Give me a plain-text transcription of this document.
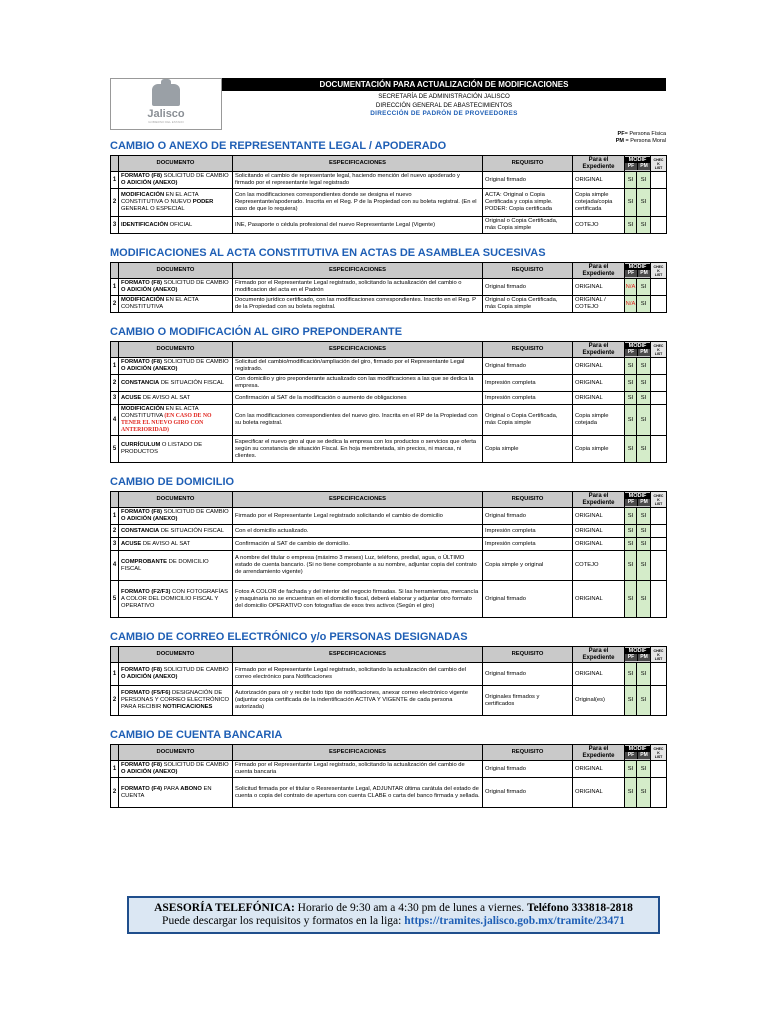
Jalisco
GOBIERNO DEL ESTADO
DOCUMENTACIÓN PARA ACTUALIZACIÓN DE MODIFICACIONES
SECRETARÍA DE ADMINISTRACIÓN JALISCO
DIRECCIÓN GENERAL DE ABASTECIMIENTOS
DIRECCIÓN DE PADRÓN DE PROVEEDORES
PF= Persona Física
PM = Persona Moral
CAMBIO O ANEXO DE REPRESENTANTE LEGAL / APODERADO
	DOCUMENTO	ESPECIFICACIONES	REQUISITO	Para el Expediente	MODIF
PF PM		CHECK LIST
1	FORMATO (F8) SOLICITUD DE CAMBIO O ADICIÓN (ANEXO)	Solicitando el cambio de representante legal, haciendo mención del nuevo apoderado y firmado por el representante legal registrado	Original firmado	ORIGINAL	SI	SI	
2	MODIFICACIÓN EN EL ACTA CONSTITUTIVA O NUEVO PODER GENERAL O ESPECIAL	Con las modificaciones correspondientes donde se designa el nuevo Representante/apoderado. Inscrita en el Reg. P de la Propiedad con su boleta registral. (En el caso de que lo requiera)	ACTA: Original o Copia Certificada y copia simple. PODER: Copia certificada	Copia simple cotejada/copia certificada	SI	SI	
3	IDENTIFICACIÓN OFICIAL	INE, Pasaporte o cédula profesional del nuevo Representante Legal (Vigente)	Original o Copia Certificada, más Copia simple	COTEJO	SI	SI	
MODIFICACIONES AL ACTA CONSTITUTIVA EN ACTAS DE ASAMBLEA SUCESIVAS
	DOCUMENTO	ESPECIFICACIONES	REQUISITO	Para el Expediente	MODIF
PF PM		CHECK LIST
1	FORMATO (F8) SOLICITUD DE CAMBIO O ADICIÓN (ANEXO)	Firmado por el Representante Legal registrado, solicitando la actualización del cambio o modificacion del acta en el Padrón	Original firmado	ORIGINAL	N/A	SI	
2	MODIFICACIÓN EN EL ACTA CONSTITUTIVA	Documento jurídico certificado, con las modificaciones correspondientes. Inscrito en el Reg. P de la Propiedad con su boleta registral.	Original o Copia Certificada, más Copia simple	ORIGINAL / COTEJO	N/A	SI	
CAMBIO O MODIFICACIÓN AL GIRO PREPONDERANTE
	DOCUMENTO	ESPECIFICACIONES	REQUISITO	Para el Expediente	MODIF
PF PM		CHECK LIST
1	FORMATO (F8) SOLICITUD DE CAMBIO O ADICIÓN (ANEXO)	Solicitud del cambio/modificación/ampliación del giro, firmado por el Representante Legal registrado.	Original firmado	ORIGINAL	SI	SI	
2	CONSTANCIA DE SITUACIÓN FISCAL	Con domicilio y giro preponderante actualizado con las modificaciones a las que se dedica la empresa.	Impresión completa	ORIGINAL	SI	SI	
3	ACUSE DE AVISO AL SAT	Confirmación al SAT de la modificación o aumento de obligaciones	Impresión completa	ORIGINAL	SI	SI	
4	MODIFICACIÓN EN EL ACTA CONSTITUTIVA (EN CASO DE NO TENER EL NUEVO GIRO CON ANTERIORIDAD)	Con las modificaciones correspondientes del nuevo giro. Inscrita en el RP de la Propiedad con su boleta registral.	Original o Copia Certificada, más Copia simple	Copia simple cotejada	SI	SI	
5	CURRÍCULUM O LISTADO DE PRODUCTOS	Especificar el nuevo giro al que se dedica la empresa con los productos o servicios que oferta según su constancia de situación Fiscal. En hoja membretada, sin precios, ni marcas, ni clientes.	Copia simple	Copia simple	SI	SI	
CAMBIO DE DOMICILIO
	DOCUMENTO	ESPECIFICACIONES	REQUISITO	Para el Expediente	MODIF
PF PM		CHECK LIST
1	FORMATO (F8) SOLICITUD DE CAMBIO O ADICIÓN (ANEXO)	Firmado por el Representante Legal registrado solicitando el cambio de domicilio	Original firmado	ORIGINAL	SI	SI	
2	CONSTANCIA DE SITUACIÓN FISCAL	Con el domicilio actualizado.	Impresión completa	ORIGINAL	SI	SI	
3	ACUSE DE AVISO AL SAT	Confirmación al SAT de cambio de domicilio.	Impresión completa	ORIGINAL	SI	SI	
4	COMPROBANTE DE DOMICILIO FISCAL	A nombre del titular o empresa (máximo 3 meses) Luz, teléfono, predial, agua, o ÚLTIMO estado de cuenta bancario. (Si no tiene comprobante a su nombre, adjuntar copia del contrato de arrendamiento vigente)	Copia simple y original	COTEJO	SI	SI	
5	FORMATO (F2/F3) CON FOTOGRAFÍAS A COLOR DEL DOMICILIO FISCAL Y OPERATIVO	Fotos A COLOR de fachada y del interior del negocio firmadas. Si las herramientas, mercancía y maquinaria no se encuentran en el domicilio fiscal, deberá elaborar y adjuntar otro formato del domicilio OPERATIVO con fotografías de esos tres activos (Según el giro)	Original firmado	ORIGINAL	SI	SI	
CAMBIO DE CORREO ELECTRÓNICO y/o PERSONAS DESIGNADAS
	DOCUMENTO	ESPECIFICACIONES	REQUISITO	Para el Expediente	MODIF
PF PM		CHECK LIST
1	FORMATO (F8) SOLICITUD DE CAMBIO O ADICIÓN (ANEXO)	Firmado por el Representante Legal registrado, solicitando la actualización del cambio del correo electrónico para Notificaciones	Original firmado	ORIGINAL	SI	SI	
2	FORMATO (F5/F6) DESIGNACIÓN DE PERSONAS Y CORREO ELECTRÓNICO PARA RECIBIR NOTIFICACIONES	Autorización para oír y recibir todo tipo de notificaciones, anexar correo electrónico vigente (adjuntar copia certificada de la indentificación ACTIVA Y VIGENTE de cada persona autorizada)	Originales firmados y certificados	Original(es)	SI	SI	
CAMBIO DE CUENTA BANCARIA
	DOCUMENTO	ESPECIFICACIONES	REQUISITO	Para el Expediente	MODIF
PF PM		CHECK LIST
1	FORMATO (F8) SOLICITUD DE CAMBIO O ADICIÓN (ANEXO)	Firmado por el Representante Legal registrado, solicitando la actualización del cambio de cuenta bancaria	Original firmado	ORIGINAL	SI	SI	
2	FORMATO (F4) PARA ABONO EN CUENTA	Solicitud firmada por el titular o Resresentante Legal, ADJUNTAR última carátula del estado de cuenta o copia del contrato de apertura con cuenta CLABE o carta del banco firmada y sellada.	Original firmado	ORIGINAL	SI	SI	
ASESORÍA TELEFÓNICA: Horario de 9:30 am a 4:30 pm de lunes a viernes. Teléfono 333818-2818
Puede descargar los requisitos y formatos en la liga: https://tramites.jalisco.gob.mx/tramite/23471
